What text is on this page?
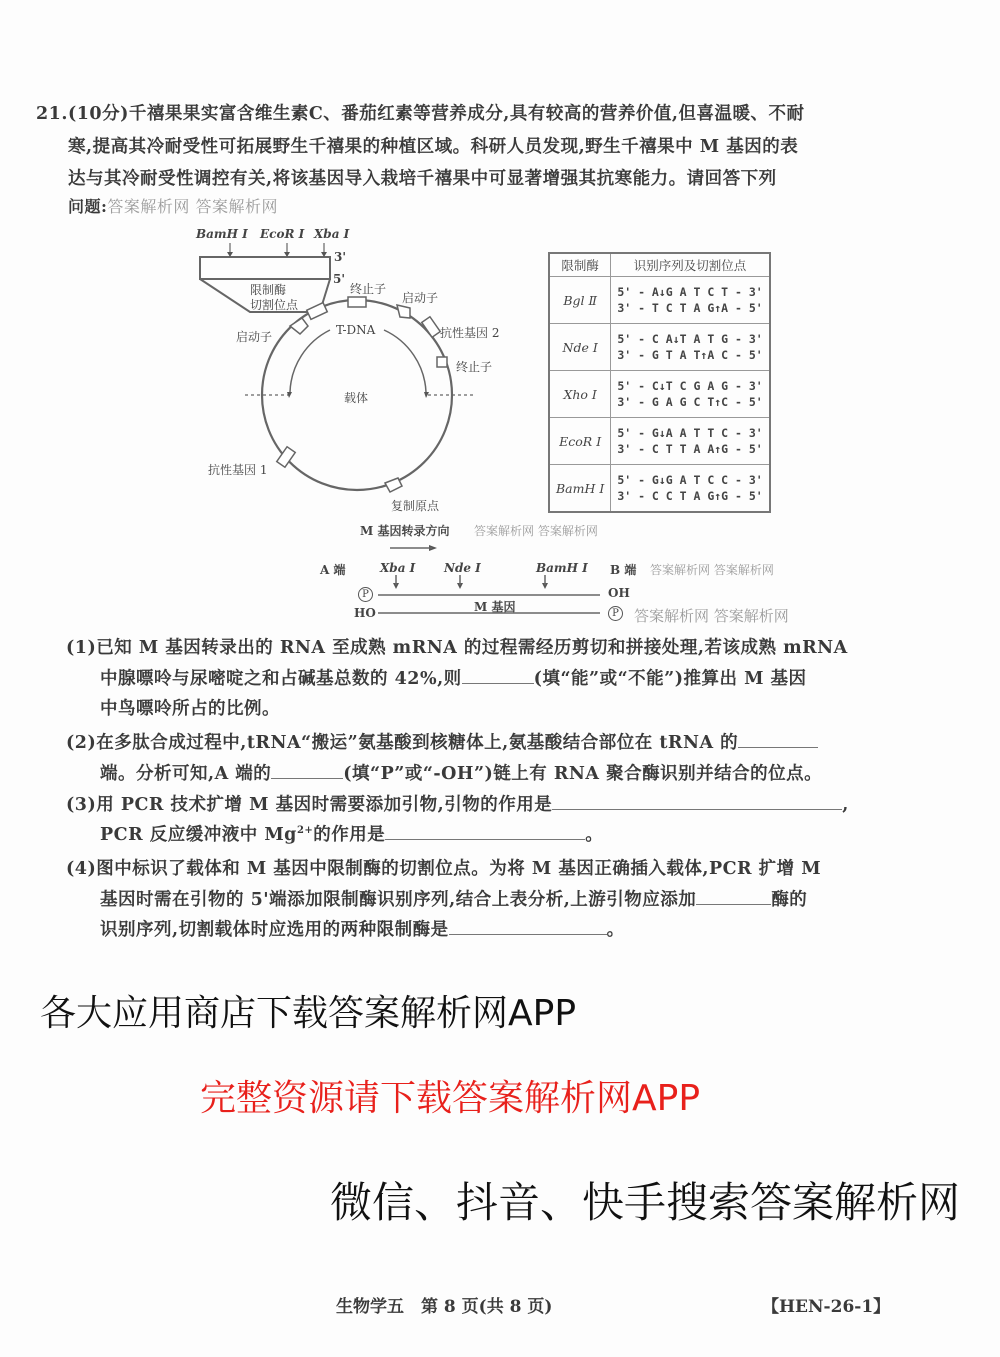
21.(10分)千禧果果实富含维生素C、番茄红素等营养成分,具有较高的营养价值,但喜温暖、不耐
寒,提高其冷耐受性可拓展野生千禧果的种植区域。科研人员发现,野生千禧果中 M 基因的表
达与其冷耐受性调控有关,将该基因导入栽培千禧果中可显著增强其抗寒能力。请回答下列
问题:答案解析网 答案解析网
BamH Ⅰ EcoR Ⅰ Xba Ⅰ
3'
5'
限制酶
切割位点
终止子
启动子
启动子	抗性基因 2
终止子
T-DNA
载体
抗性基因 1
复制原点
限制酶	识别序列及切割位点
Bgl Ⅱ	5' - A↓G A T C T - 3'
3' - T C T A G↑A - 5'

Nde Ⅰ	5' - C A↓T A T G - 3'
3' - G T A T↑A C - 5'

Xho Ⅰ	5' - C↓T C G A G - 3'
3' - G A G C T↑C - 5'

EcoR Ⅰ	5' - G↓A A T T C - 3'
3' - C T T A A↑G - 5'

BamH Ⅰ	5' - G↓G A T C C - 3'
3' - C C T A G↑G - 5'
M 基因转录方向 答案解析网 答案解析网
A 端	Xba Ⅰ Nde Ⅰ	BamH Ⅰ B 端 答案解析网 答案解析网
P
HO
OH
M 基因	P 答案解析网 答案解析网
(1)已知 M 基因转录出的 RNA 至成熟 mRNA 的过程需经历剪切和拼接处理,若该成熟 mRNA
中腺嘌呤与尿嘧啶之和占碱基总数的 42%,则	(填“能”或“不能”)推算出 M 基因
中鸟嘌呤所占的比例。
(2)在多肽合成过程中,tRNA“搬运”氨基酸到核糖体上,氨基酸结合部位在 tRNA 的
端。分析可知,A 端的	(填“P”或“-OH”)链上有 RNA 聚合酶识别并结合的位点。
(3)用 PCR 技术扩增 M 基因时需要添加引物,引物的作用是	,
PCR 反应缓冲液中 $Mg^{2+}$的作用是	。
(4)图中标识了载体和 M 基因中限制酶的切割位点。为将 M 基因正确插入载体,PCR 扩增 M
基因时需在引物的 5'端添加限制酶识别序列,结合上表分析,上游引物应添加	酶的
识别序列,切割载体时应选用的两种限制酶是	。
各大应用商店下载答案解析网APP
完整资源请下载答案解析网APP
微信、抖音、快手搜索答案解析网
生物学五　第 8 页(共 8 页)	【HEN-26-1】
